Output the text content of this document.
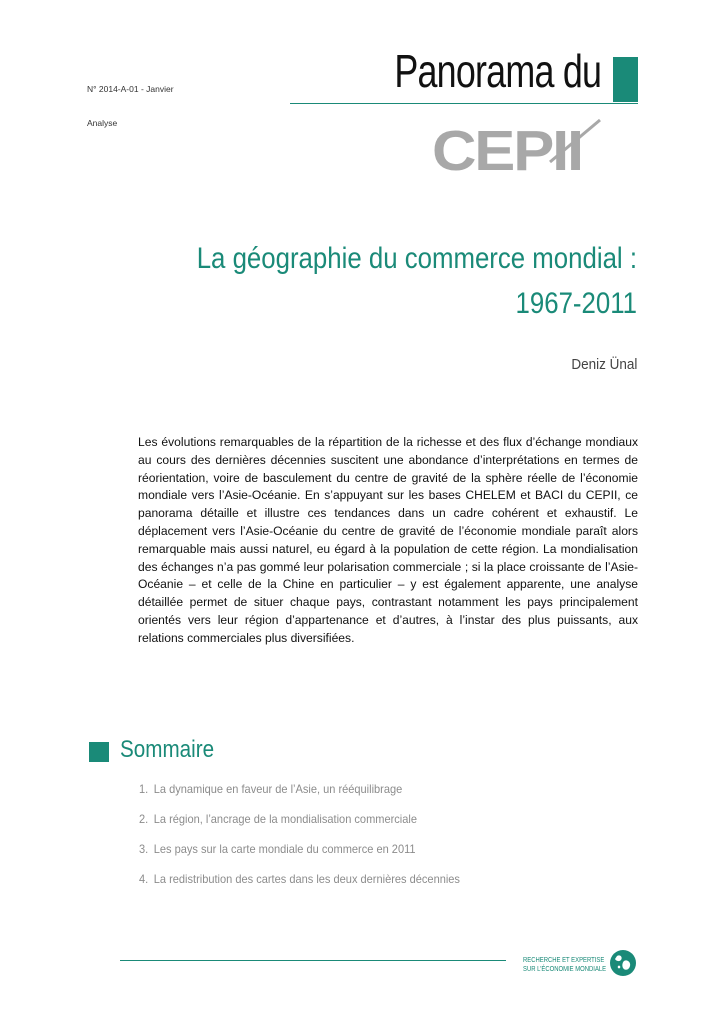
N° 2014-A-01 - Janvier
Analyse
Panorama du
CEPII
La géographie du commerce mondial :
1967-2011
Deniz Ünal
Les évolutions remarquables de la répartition de la richesse et des flux d’échange mondiaux au cours des dernières décennies suscitent une abondance d’interprétations en termes de réorientation, voire de basculement du centre de gravité de la sphère réelle de l’économie mondiale vers l’Asie-Océanie. En s’appuyant sur les bases CHELEM et BACI du CEPII, ce panorama détaille et illustre ces tendances dans un cadre cohérent et exhaustif. Le déplacement vers l’Asie-Océanie du centre de gravité de l’économie mondiale paraît alors remarquable mais aussi naturel, eu égard à la population de cette région. La mondialisation des échanges n’a pas gommé leur polarisation commerciale ; si la place croissante de l’Asie-Océanie – et celle de la Chine en particulier – y est également apparente, une analyse détaillée permet de situer chaque pays, contrastant notamment les pays principalement orientés vers leur région d’appartenance et d’autres, à l’instar des plus puissants, aux relations commerciales plus diversifiées.
Sommaire
1. La dynamique en faveur de l’Asie, un rééquilibrage
2. La région, l’ancrage de la mondialisation commerciale
3. Les pays sur la carte mondiale du commerce en 2011
4. La redistribution des cartes dans les deux dernières décennies
RECHERCHE ET EXPERTISE
SUR L’ÉCONOMIE MONDIALE
